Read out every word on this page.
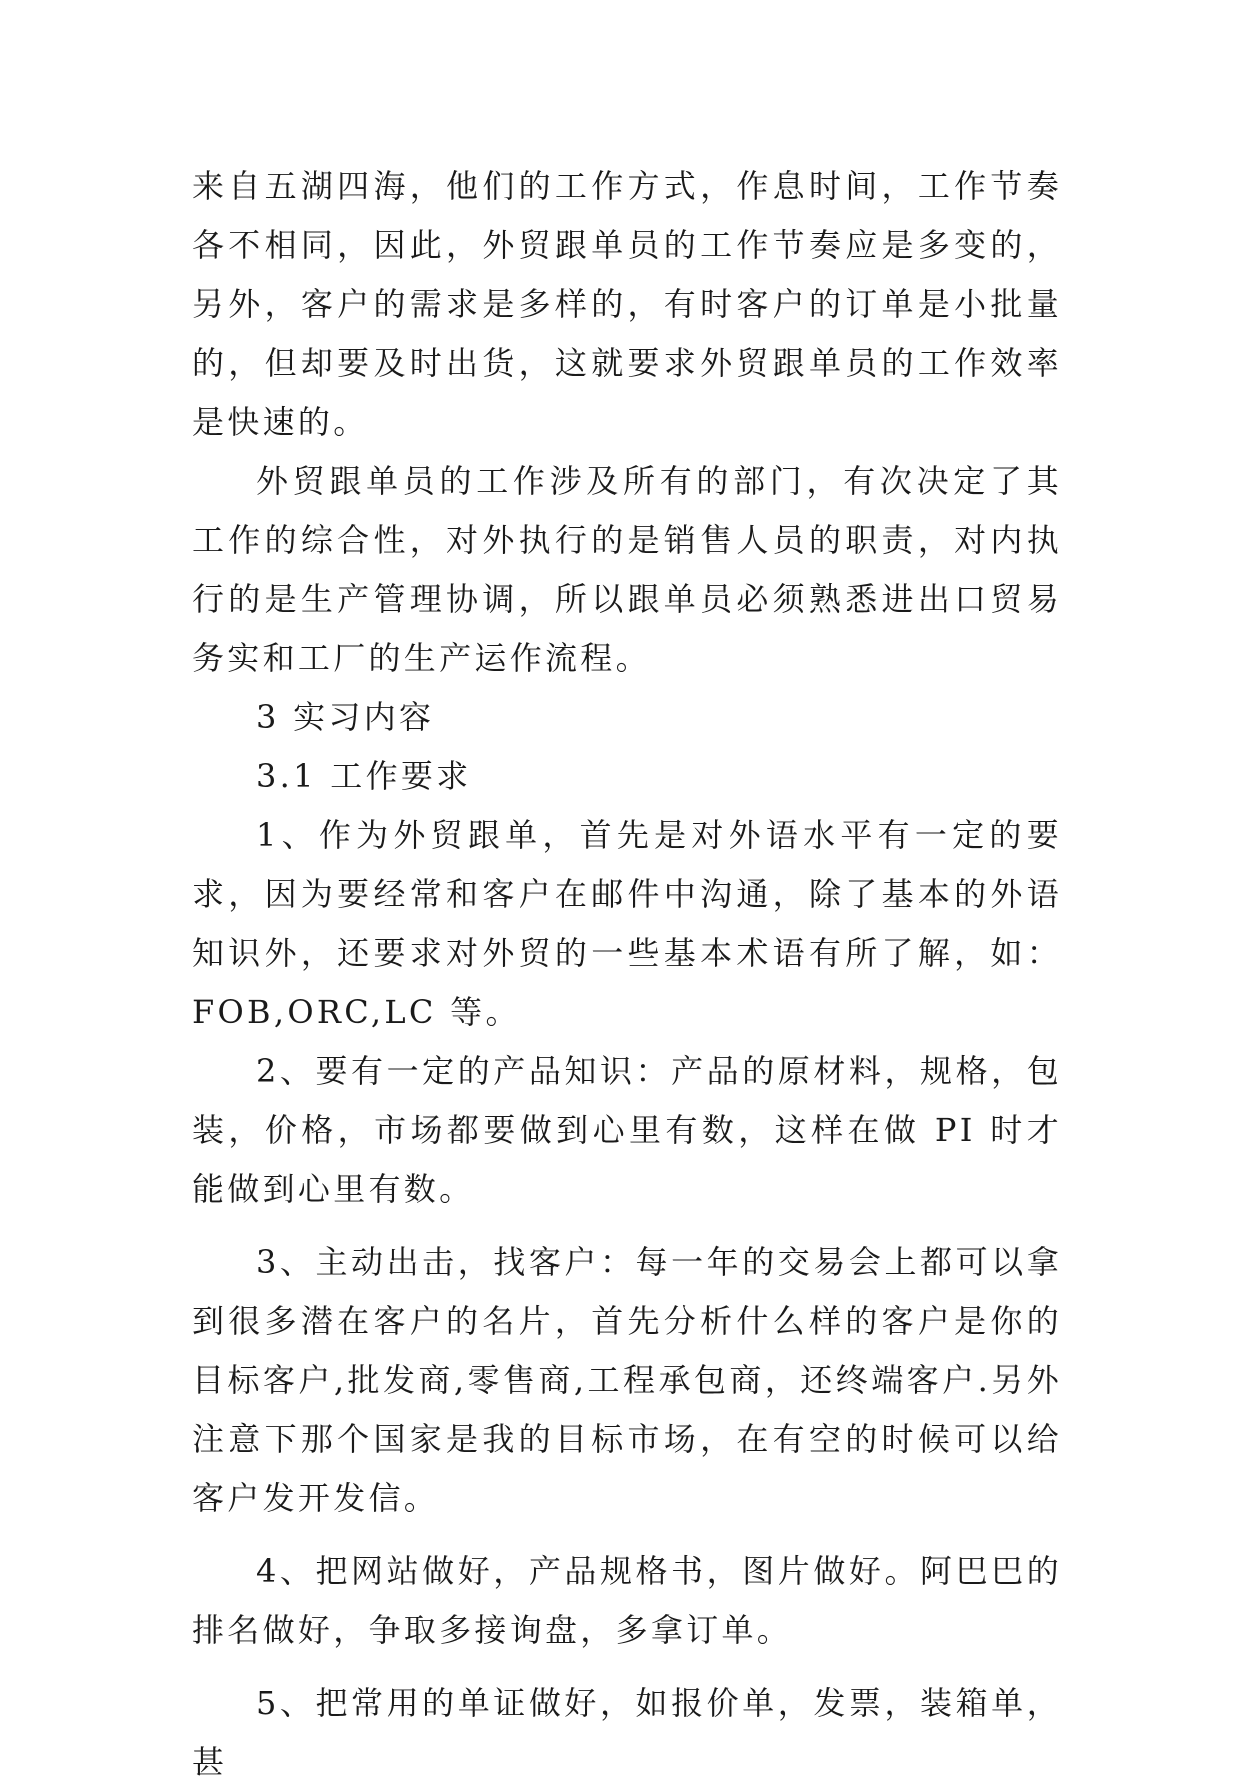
来自五湖四海，他们的工作方式，作息时间，工作节奏各不相同，因此，外贸跟单员的工作节奏应是多变的，另外，客户的需求是多样的，有时客户的订单是小批量的，但却要及时出货，这就要求外贸跟单员的工作效率是快速的。

外贸跟单员的工作涉及所有的部门，有次决定了其工作的综合性，对外执行的是销售人员的职责，对内执行的是生产管理协调，所以跟单员必须熟悉进出口贸易务实和工厂的生产运作流程。

3 实习内容

3.1 工作要求

1、作为外贸跟单，首先是对外语水平有一定的要求，因为要经常和客户在邮件中沟通，除了基本的外语知识外，还要求对外贸的一些基本术语有所了解，如：FOB,ORC,LC 等。

2、要有一定的产品知识：产品的原材料，规格，包装，价格，市场都要做到心里有数，这样在做 PI 时才能做到心里有数。

3、主动出击，找客户：每一年的交易会上都可以拿到很多潜在客户的名片，首先分析什么样的客户是你的目标客户,批发商,零售商,工程承包商，还终端客户.另外注意下那个国家是我的目标市场，在有空的时候可以给客户发开发信。

4、把网站做好，产品规格书，图片做好。阿巴巴的排名做好，争取多接询盘，多拿订单。

5、把常用的单证做好，如报价单，发票，装箱单，甚
